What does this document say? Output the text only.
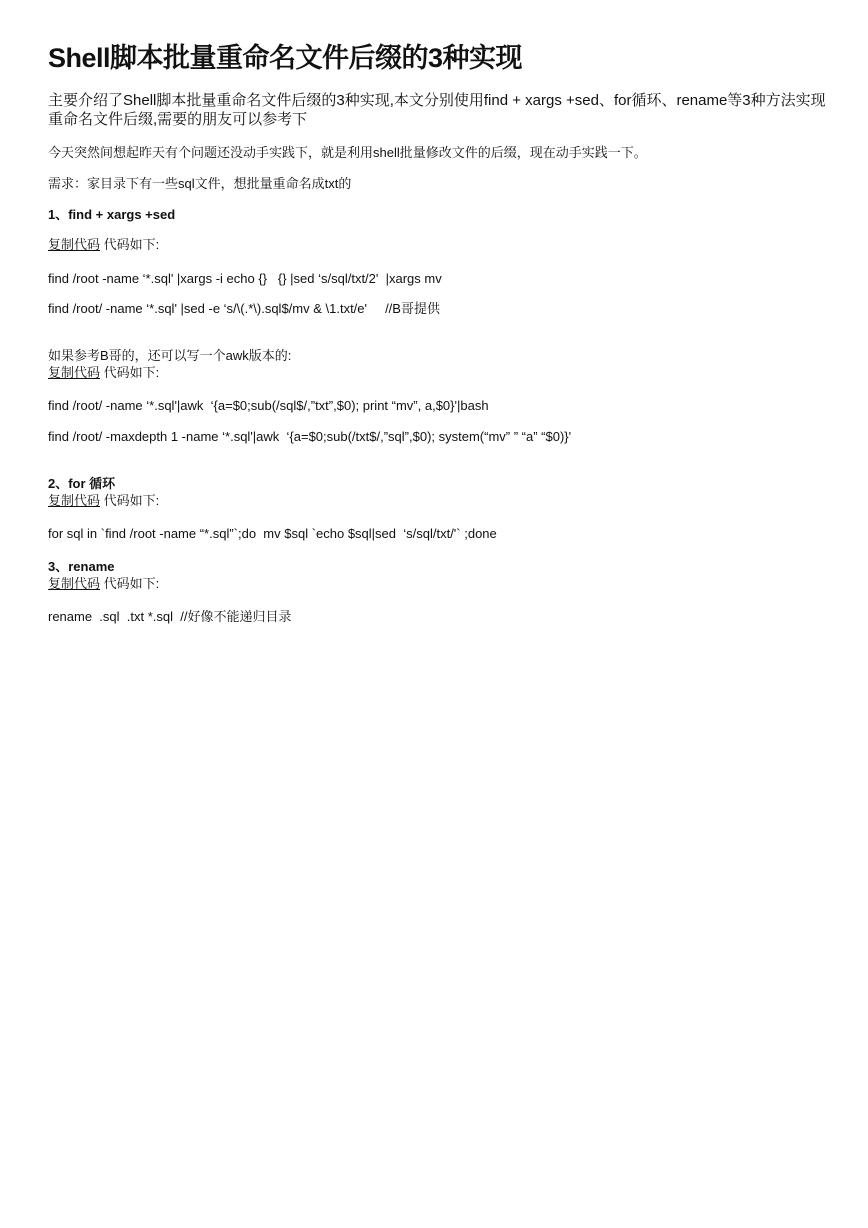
Shell脚本批量重命名文件后缀的3种实现
主要介绍了Shell脚本批量重命名文件后缀的3种实现,本文分别使用find + xargs +sed、for循环、rename等3种方法实现重命名文件后缀,需要的朋友可以参考下
今天突然间想起昨天有个问题还没动手实践下，就是利用shell批量修改文件的后缀，现在动手实践一下。
需求：家目录下有一些sql文件，想批量重命名成txt的
1、find + xargs +sed
复制代码 代码如下:
find /root -name ‘*.sql' |xargs -i echo {}   {} |sed ‘s/sql/txt/2'  |xargs mv
find /root/ -name ‘*.sql' |sed -e ‘s/\(.*\).sql$/mv & \1.txt/e'     //B哥提供
如果参考B哥的，还可以写一个awk版本的:
复制代码 代码如下:
find /root/ -name ‘*.sql'|awk  ‘{a=$0;sub(/sql$/,”txt”,$0); print “mv”, a,$0}'|bash
find /root/ -maxdepth 1 -name ‘*.sql'|awk  ‘{a=$0;sub(/txt$/,”sql”,$0); system(“mv” ” “a” “$0)}'
2、for 循环
复制代码 代码如下:
for sql in `find /root -name “*.sql”`;do  mv $sql `echo $sql|sed  ‘s/sql/txt/'` ;done
3、rename
复制代码 代码如下:
rename  .sql  .txt *.sql  //好像不能递归目录
